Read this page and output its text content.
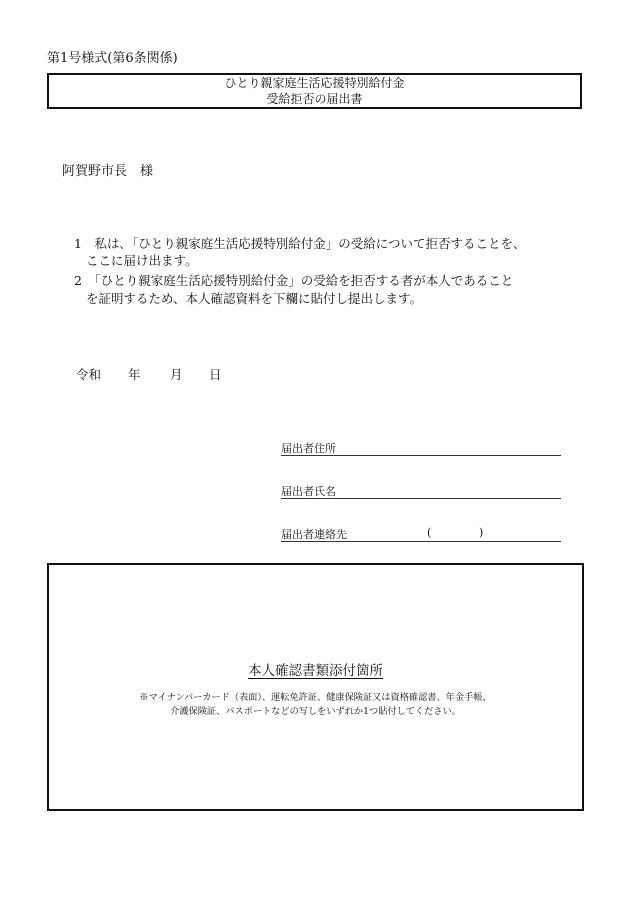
第1号様式(第6条関係)
ひとり親家庭生活応援特別給付金
受給拒否の届出書
阿賀野市長　様
1　私は､「ひとり親家庭生活応援特別給付金」の受給について拒否することを、
ここに届け出ます。
2　「ひとり親家庭生活応援特別給付金」の受給を拒否する者が本人であること
を証明するため、本人確認資料を下欄に貼付し提出します。
令和 年 月 日
届出者住所
届出者氏名
届出者連絡先	(	)
本人確認書類添付箇所
※マイナンバーカード（表面）、運転免許証、健康保険証又は資格確認書、年金手帳、
介護保険証、パスポートなどの写しをいずれか1つ貼付してください。
